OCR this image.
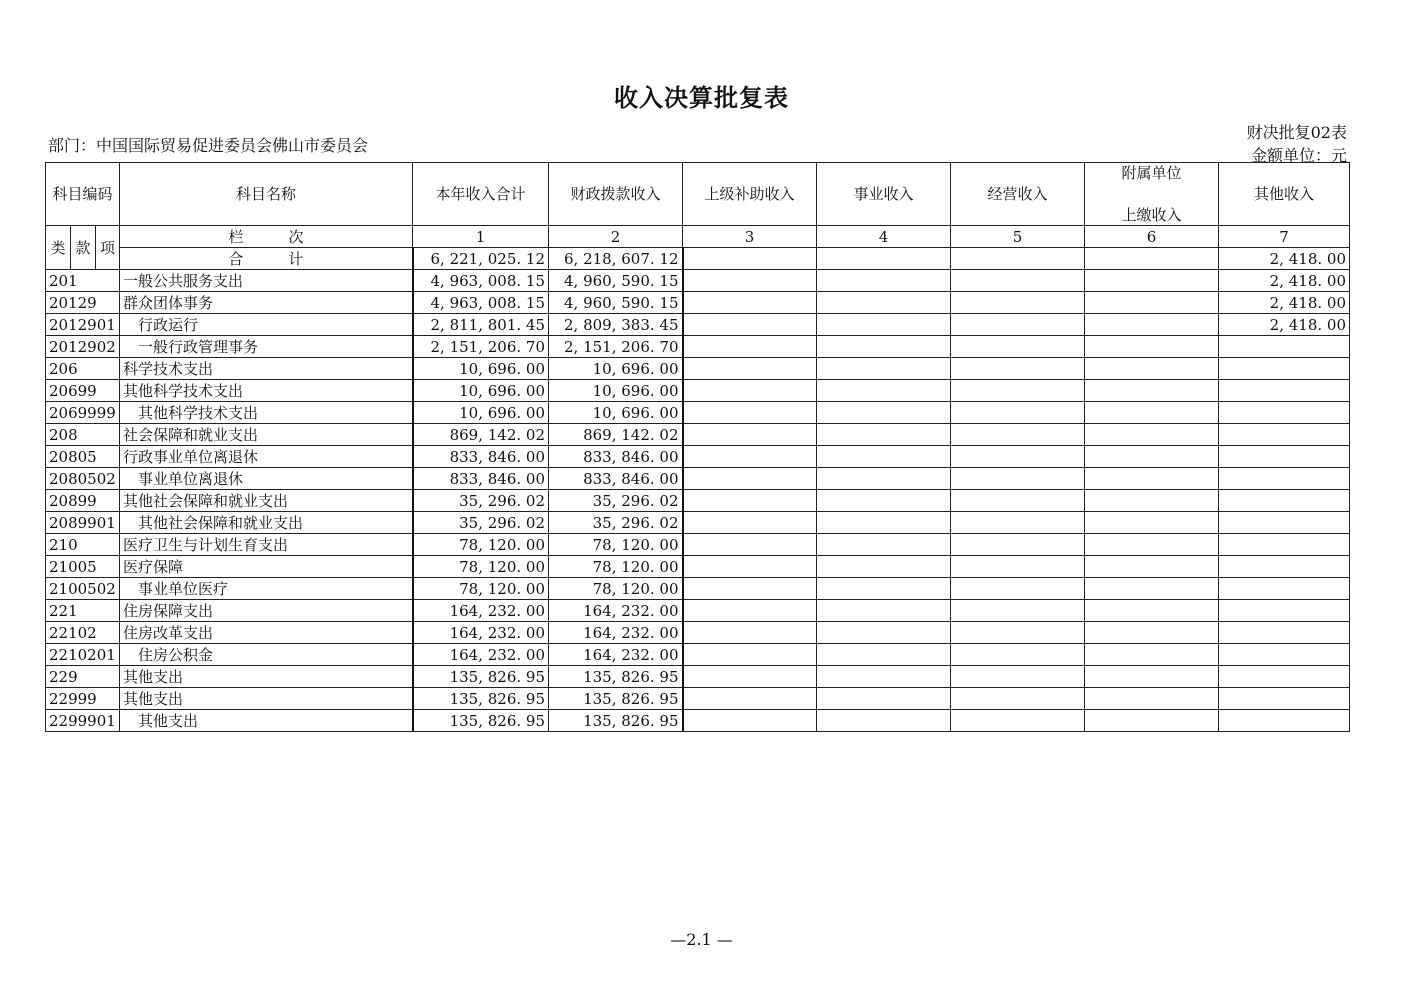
收入决算批复表
部门：中国国际贸易促进委员会佛山市委员会
财决批复02表
金额单位：元
科目编码			科目名称	本年收入合计	财政拨款收入	上级补助收入	事业收入	经营收入	附属单位
上缴收入	其他收入
类	款	项	栏　　　次	1	2	3	4	5	6	7
			合　　　计	6, 221, 025. 12	6, 218, 607. 12					2, 418. 00
201			一般公共服务支出	4, 963, 008. 15	4, 960, 590. 15					2, 418. 00
20129			群众团体事务	4, 963, 008. 15	4, 960, 590. 15					2, 418. 00
2012901			行政运行	2, 811, 801. 45	2, 809, 383. 45					2, 418. 00
2012902			一般行政管理事务	2, 151, 206. 70	2, 151, 206. 70					
206			科学技术支出	10, 696. 00	10, 696. 00					
20699			其他科学技术支出	10, 696. 00	10, 696. 00					
2069999			其他科学技术支出	10, 696. 00	10, 696. 00					
208			社会保障和就业支出	869, 142. 02	869, 142. 02					
20805			行政事业单位离退休	833, 846. 00	833, 846. 00					
2080502			事业单位离退休	833, 846. 00	833, 846. 00					
20899			其他社会保障和就业支出	35, 296. 02	35, 296. 02					
2089901			其他社会保障和就业支出	35, 296. 02	35, 296. 02					
210			医疗卫生与计划生育支出	78, 120. 00	78, 120. 00					
21005			医疗保障	78, 120. 00	78, 120. 00					
2100502			事业单位医疗	78, 120. 00	78, 120. 00					
221			住房保障支出	164, 232. 00	164, 232. 00					
22102			住房改革支出	164, 232. 00	164, 232. 00					
2210201			住房公积金	164, 232. 00	164, 232. 00					
229			其他支出	135, 826. 95	135, 826. 95					
22999			其他支出	135, 826. 95	135, 826. 95					
2299901			其他支出	135, 826. 95	135, 826. 95					
—2.1 —
